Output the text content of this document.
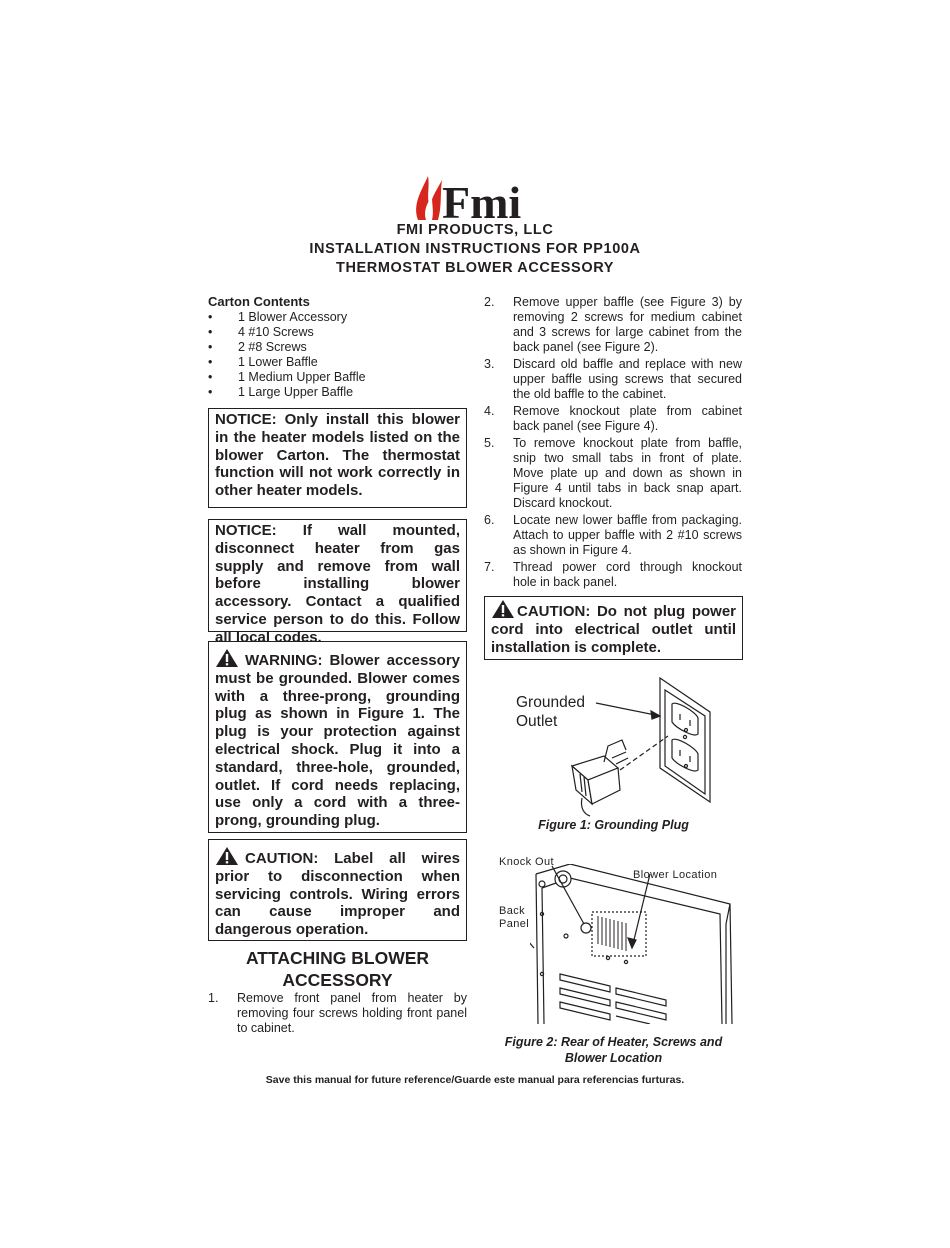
Fmi
FMI PRODUCTS, LLC
INSTALLATION INSTRUCTIONS FOR PP100A
THERMOSTAT BLOWER ACCESSORY
Carton Contents
• 1 Blower Accessory
• 4 #10 Screws
• 2 #8 Screws
• 1 Lower Baffle
• 1 Medium Upper Baffle
• 1 Large Upper Baffle
NOTICE: Only install this blower in the heater models listed on the blower Carton. The thermostat function will not work correctly in other heater models.
NOTICE: If wall mounted, disconnect heater from gas supply and remove from wall before installing blower accessory. Contact a qualified service person to do this. Follow all local codes.
WARNING: Blower accessory must be grounded. Blower comes with a three-prong, grounding plug as shown in Figure 1. The plug is your protection against electrical shock. Plug it into a standard, three-hole, grounded, outlet. If cord needs replacing, use only a cord with a three-prong, grounding plug.
CAUTION: Label all wires prior to disconnection when servicing controls. Wiring errors can cause improper and dangerous operation.
ATTACHING BLOWER
ACCESSORY
1. Remove front panel from heater by removing four screws holding front panel to cabinet.
2. Remove upper baffle (see Figure 3) by removing 2 screws for medium cabinet and 3 screws for large cabinet from the back panel (see Figure 2).
3. Discard old baffle and replace with new upper baffle using screws that secured the old baffle to the cabinet.
4. Remove knockout plate from cabinet back panel (see Figure 4).
5. To remove knockout plate from baffle, snip two small tabs in front of plate. Move plate up and down as shown in Figure 4 until tabs in back snap apart. Discard knockout.
6. Locate new lower baffle from packaging. Attach to upper baffle with 2 #10 screws as shown in Figure 4.
7. Thread power cord through knockout hole in back panel.
CAUTION: Do not plug power cord into electrical outlet until installation is complete.
Grounded
Outlet
Figure 1: Grounding Plug
Knock Out
Blower Location
Back
Panel
Figure 2: Rear of Heater, Screws and
Blower Location
Save this manual for future reference/Guarde este manual para referencias furturas.
